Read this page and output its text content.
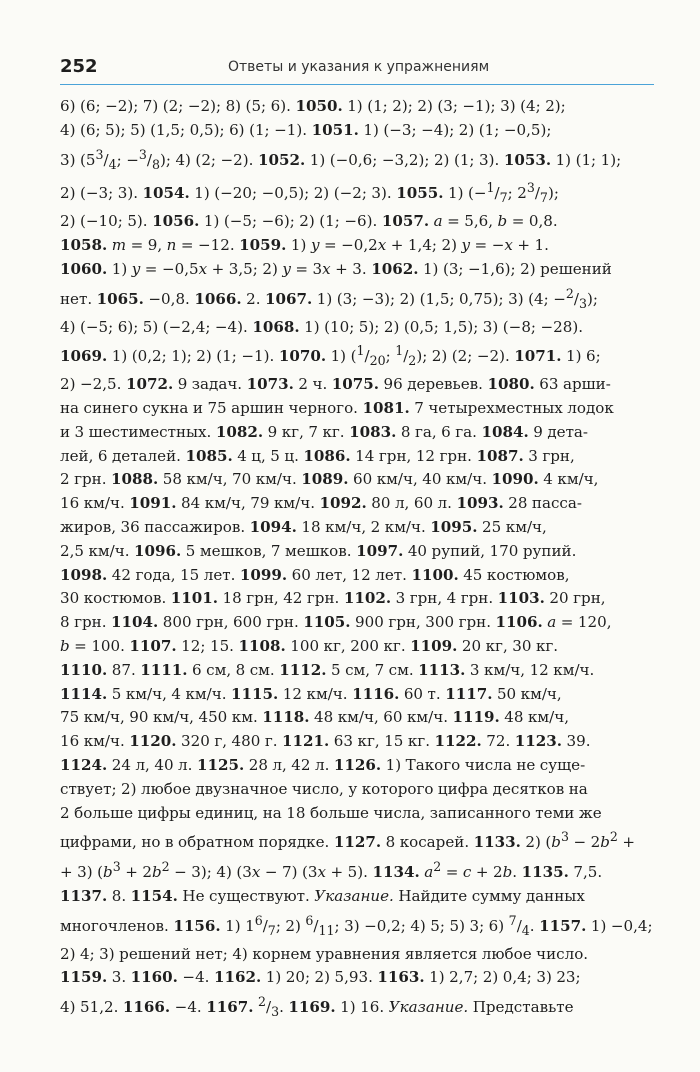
252	Ответы и указания к упражнениям

6) (6; −2); 7) (2; −2); 8) (5; 6). 1050. 1) (1; 2); 2) (3; −1); 3) (4; 2);

4) (6; 5); 5) (1,5; 0,5); 6) (1; −1). 1051. 1) (−3; −4); 2) (1; −0,5);

3) ($5^3/_4$; $-^3/_8$); 4) (2; −2). 1052. 1) (−0,6; −3,2); 2) (1; 3). 1053. 1) (1; 1);

2) (−3; 3). 1054. 1) (−20; −0,5); 2) (−2; 3). 1055. 1) ($-^1/_7$; $2^3/_7$);

2) (−10; 5). 1056. 1) (−5; −6); 2) (1; −6). 1057. a = 5,6, b = 0,8.

1058. m = 9, n = −12. 1059. 1) y = −0,2x + 1,4; 2) y = −x + 1.

1060. 1) y = −0,5x + 3,5; 2) y = 3x + 3. 1062. 1) (3; −1,6); 2) решений

нет. 1065. −0,8. 1066. 2. 1067. 1) (3; −3); 2) (1,5; 0,75); 3) (4; $-^2/_3$);

4) (−5; 6); 5) (−2,4; −4). 1068. 1) (10; 5); 2) (0,5; 1,5); 3) (−8; −28).

1069. 1) (0,2; 1); 2) (1; −1). 1070. 1) ($^1/_{20}$; $^1/_2$); 2) (2; −2). 1071. 1) 6;

2) −2,5. 1072. 9 задач. 1073. 2 ч. 1075. 96 деревьев. 1080. 63 арши-

на синего сукна и 75 аршин черного. 1081. 7 четырехместных лодок

и 3 шестиместных. 1082. 9 кг, 7 кг. 1083. 8 га, 6 га. 1084. 9 дета-

лей, 6 деталей. 1085. 4 ц, 5 ц. 1086. 14 грн, 12 грн. 1087. 3 грн,

2 грн. 1088. 58 км/ч, 70 км/ч. 1089. 60 км/ч, 40 км/ч. 1090. 4 км/ч,

16 км/ч. 1091. 84 км/ч, 79 км/ч. 1092. 80 л, 60 л. 1093. 28 пасса-

жиров, 36 пассажиров. 1094. 18 км/ч, 2 км/ч. 1095. 25 км/ч,

2,5 км/ч. 1096. 5 мешков, 7 мешков. 1097. 40 рупий, 170 рупий.

1098. 42 года, 15 лет. 1099. 60 лет, 12 лет. 1100. 45 костюмов,

30 костюмов. 1101. 18 грн, 42 грн. 1102. 3 грн, 4 грн. 1103. 20 грн,

8 грн. 1104. 800 грн, 600 грн. 1105. 900 грн, 300 грн. 1106. a = 120,

b = 100. 1107. 12; 15. 1108. 100 кг, 200 кг. 1109. 20 кг, 30 кг.

1110. 87. 1111. 6 см, 8 см. 1112. 5 см, 7 см. 1113. 3 км/ч, 12 км/ч.

1114. 5 км/ч, 4 км/ч. 1115. 12 км/ч. 1116. 60 т. 1117. 50 км/ч,

75 км/ч, 90 км/ч, 450 км. 1118. 48 км/ч, 60 км/ч. 1119. 48 км/ч,

16 км/ч. 1120. 320 г, 480 г. 1121. 63 кг, 15 кг. 1122. 72. 1123. 39.

1124. 24 л, 40 л. 1125. 28 л, 42 л. 1126. 1) Такого числа не суще-

ствует; 2) любое двузначное число, у которого цифра десятков на

2 больше цифры единиц, на 18 больше числа, записанного теми же

цифрами, но в обратном порядке. 1127. 8 косарей. 1133. 2) ($b^3 - 2b^2$ +

+ 3) $(b^3 + 2b^2 - 3)$; 4) (3x − 7) (3x + 5). 1134. $a^2 = c + 2b$. 1135. 7,5.

1137. 8. 1154. Не существуют. Указание. Найдите сумму данных

многочленов. 1156. 1) $1^6/_7$; 2) $^6/_{11}$; 3) −0,2; 4) 5; 5) 3; 6) $^7/_4$. 1157. 1) −0,4;

2) 4; 3) решений нет; 4) корнем уравнения является любое число.

1159. 3. 1160. −4. 1162. 1) 20; 2) 5,93. 1163. 1) 2,7; 2) 0,4; 3) 23;

4) 51,2. 1166. −4. 1167. $^2/_3$. 1169. 1) 16. Указание. Представьте
